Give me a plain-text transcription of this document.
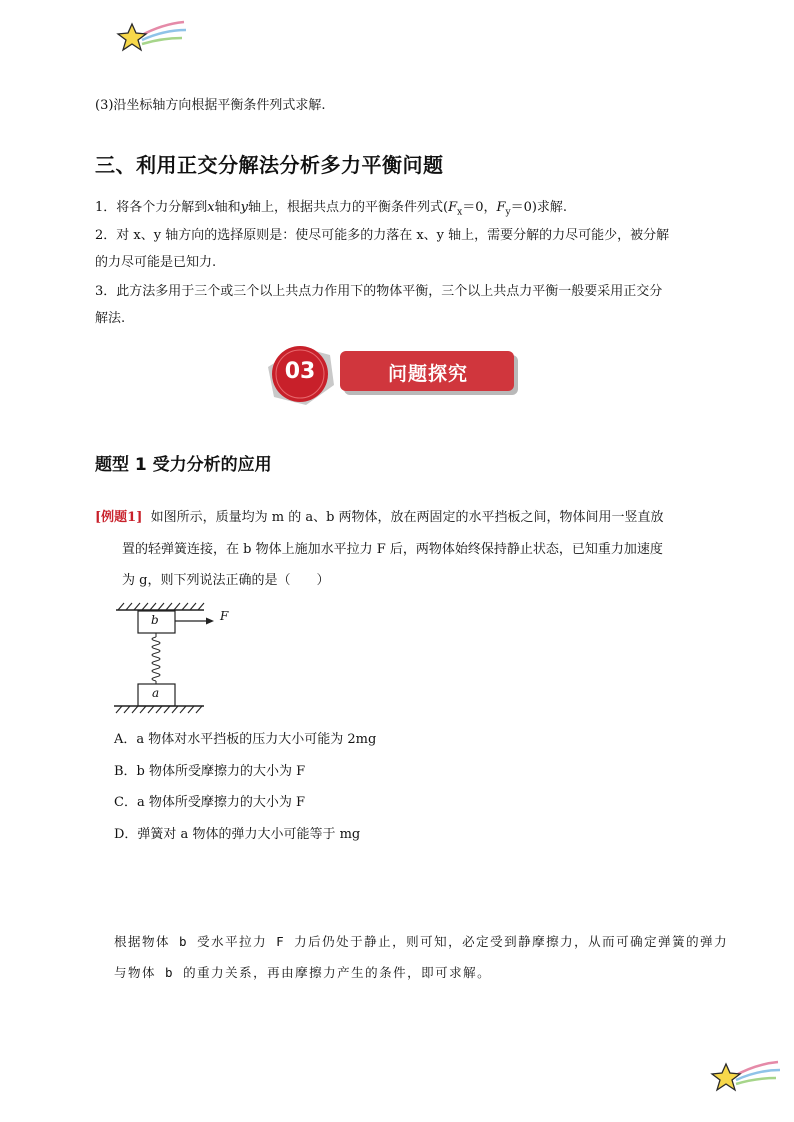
(3)沿坐标轴方向根据平衡条件列式求解.
三、利用正交分解法分析多力平衡问题
1．将各个力分解到x轴和y轴上，根据共点力的平衡条件列式($F_x=0$，$F_y=0$)求解.
2．对 x、y 轴方向的选择原则是：使尽可能多的力落在 x、y 轴上，需要分解的力尽可能少，被分解
的力尽可能是已知力.
3．此方法多用于三个或三个以上共点力作用下的物体平衡，三个以上共点力平衡一般要采用正交分
解法.
03	问题探究
题型 1 受力分析的应用
[例题1] 如图所示，质量均为 m 的 a、b 两物体，放在两固定的水平挡板之间，物体间用一竖直放
置的轻弹簧连接，在 b 物体上施加水平拉力 F 后，两物体始终保持静止状态，已知重力加速度
为 g，则下列说法正确的是（　　）
b
a
F
A．a 物体对水平挡板的压力大小可能为 2mg
B．b 物体所受摩擦力的大小为 F
C．a 物体所受摩擦力的大小为 F
D．弹簧对 a 物体的弹力大小可能等于 mg
根据物体 b 受水平拉力 F 力后仍处于静止，则可知，必定受到静摩擦力，从而可确定弹簧的弹力
与物体 b 的重力关系，再由摩擦力产生的条件，即可求解。
